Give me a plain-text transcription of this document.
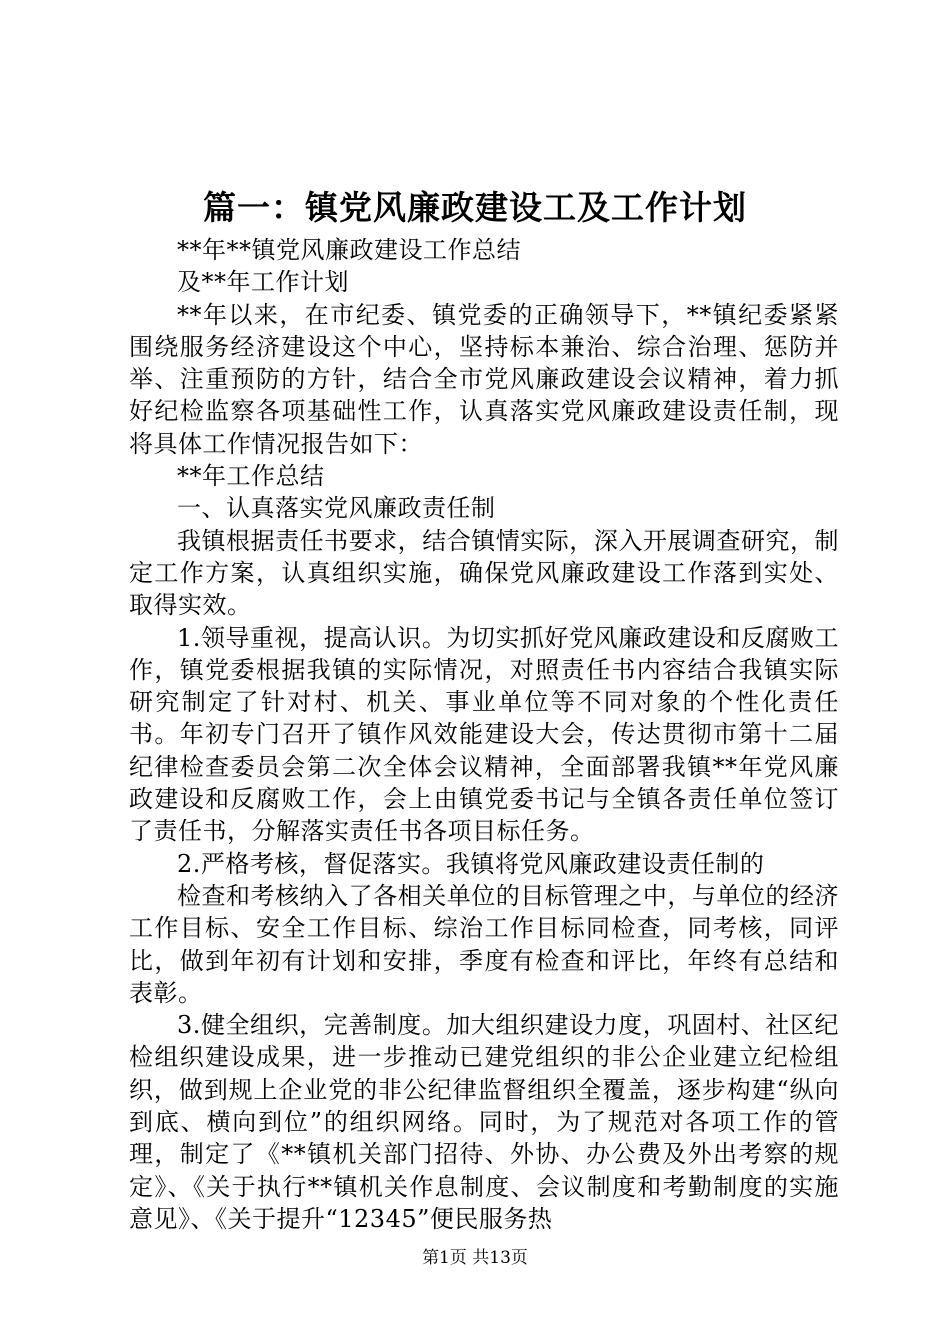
篇一：镇党风廉政建设工及工作计划

**年**镇党风廉政建设工作总结

及**年工作计划

**年以来，在市纪委、镇党委的正确领导下，**镇纪委紧紧围绕服务经济建设这个中心，坚持标本兼治、综合治理、惩防并举、注重预防的方针，结合全市党风廉政建设会议精神，着力抓好纪检监察各项基础性工作，认真落实党风廉政建设责任制，现将具体工作情况报告如下：

**年工作总结

一、认真落实党风廉政责任制

我镇根据责任书要求，结合镇情实际，深入开展调查研究，制定工作方案，认真组织实施，确保党风廉政建设工作落到实处、取得实效。

1.领导重视，提高认识。为切实抓好党风廉政建设和反腐败工作，镇党委根据我镇的实际情况，对照责任书内容结合我镇实际研究制定了针对村、机关、事业单位等不同对象的个性化责任书。年初专门召开了镇作风效能建设大会，传达贯彻市第十二届纪律检查委员会第二次全体会议精神，全面部署我镇**年党风廉政建设和反腐败工作，会上由镇党委书记与全镇各责任单位签订了责任书，分解落实责任书各项目标任务。

2.严格考核，督促落实。我镇将党风廉政建设责任制的

检查和考核纳入了各相关单位的目标管理之中，与单位的经济工作目标、安全工作目标、综治工作目标同检查，同考核，同评比，做到年初有计划和安排，季度有检查和评比，年终有总结和表彰。

3.健全组织，完善制度。加大组织建设力度，巩固村、社区纪检组织建设成果，进一步推动已建党组织的非公企业建立纪检组织，做到规上企业党的非公纪律监督组织全覆盖，逐步构建“纵向到底、横向到位”的组织网络。同时，为了规范对各项工作的管理，制定了《**镇机关部门招待、外协、办公费及外出考察的规定》、《关于执行**镇机关作息制度、会议制度和考勤制度的实施意见》、《关于提升“12345”便民服务热

第1页 共13页
